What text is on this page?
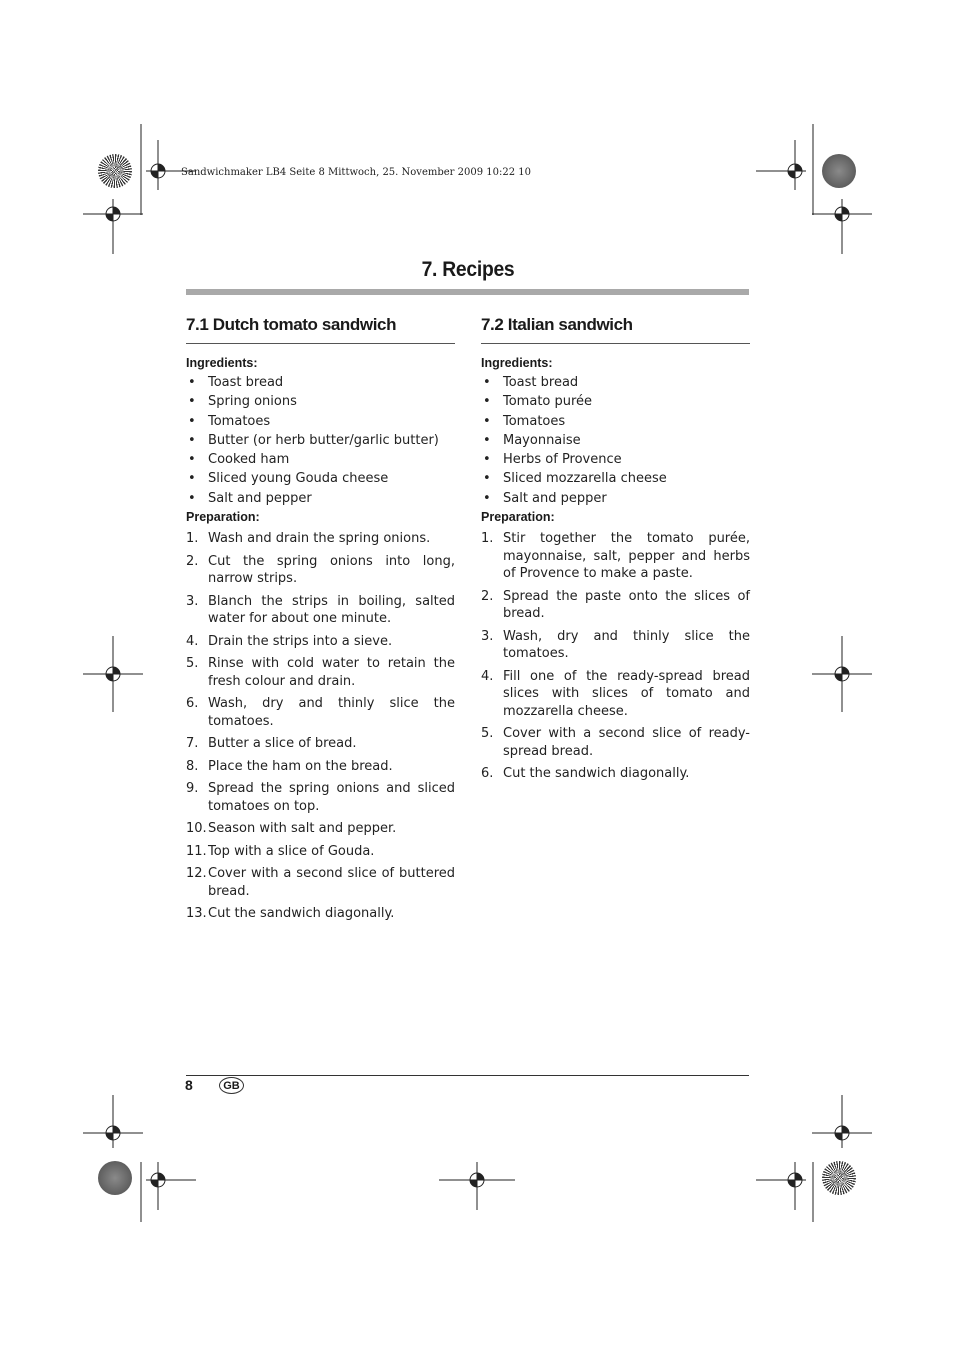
Sandwichmaker LB4 Seite 8 Mittwoch, 25. November 2009 10:22 10
7. Recipes
7.1 Dutch tomato sandwich
Ingredients:
• Toast bread
• Spring onions
• Tomatoes
• Butter (or herb butter/garlic butter)
• Cooked ham
• Sliced young Gouda cheese
• Salt and pepper
Preparation:
1. Wash and drain the spring onions.
2. Cut the spring onions into long, narrow strips.
3. Blanch the strips in boiling, salted water for about one minute.
4. Drain the strips into a sieve.
5. Rinse with cold water to retain the fresh colour and drain.
6. Wash, dry and thinly slice the tomatoes.
7. Butter a slice of bread.
8. Place the ham on the bread.
9. Spread the spring onions and sliced tomatoes on top.
10. Season with salt and pepper.
11. Top with a slice of Gouda.
12. Cover with a second slice of buttered bread.
13. Cut the sandwich diagonally.
7.2 Italian sandwich
Ingredients:
• Toast bread
• Tomato purée
• Tomatoes
• Mayonnaise
• Herbs of Provence
• Sliced mozzarella cheese
• Salt and pepper
Preparation:
1. Stir together the tomato purée, mayonnaise, salt, pepper and herbs of Provence to make a paste.
2. Spread the paste onto the slices of bread.
3. Wash, dry and thinly slice the tomatoes.
4. Fill one of the ready-spread bread slices with slices of tomato and mozzarella cheese.
5. Cover with a second slice of ready-spread bread.
6. Cut the sandwich diagonally.
8	GB
